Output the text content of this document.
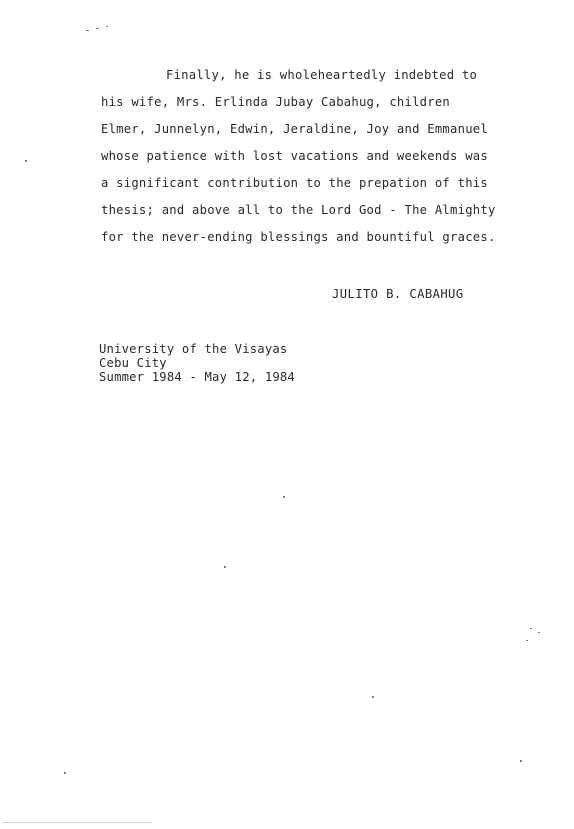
Finally, he is wholeheartedly indebted to
his wife, Mrs. Erlinda Jubay Cabahug, children
Elmer, Junnelyn, Edwin, Jeraldine, Joy and Emmanuel
whose patience with lost vacations and weekends was
a significant contribution to the prepation of this
thesis; and above all to the Lord God - The Almighty
for the never-ending blessings and bountiful graces.
JULITO B. CABAHUG
University of the Visayas
Cebu City
Summer 1984 - May 12, 1984
